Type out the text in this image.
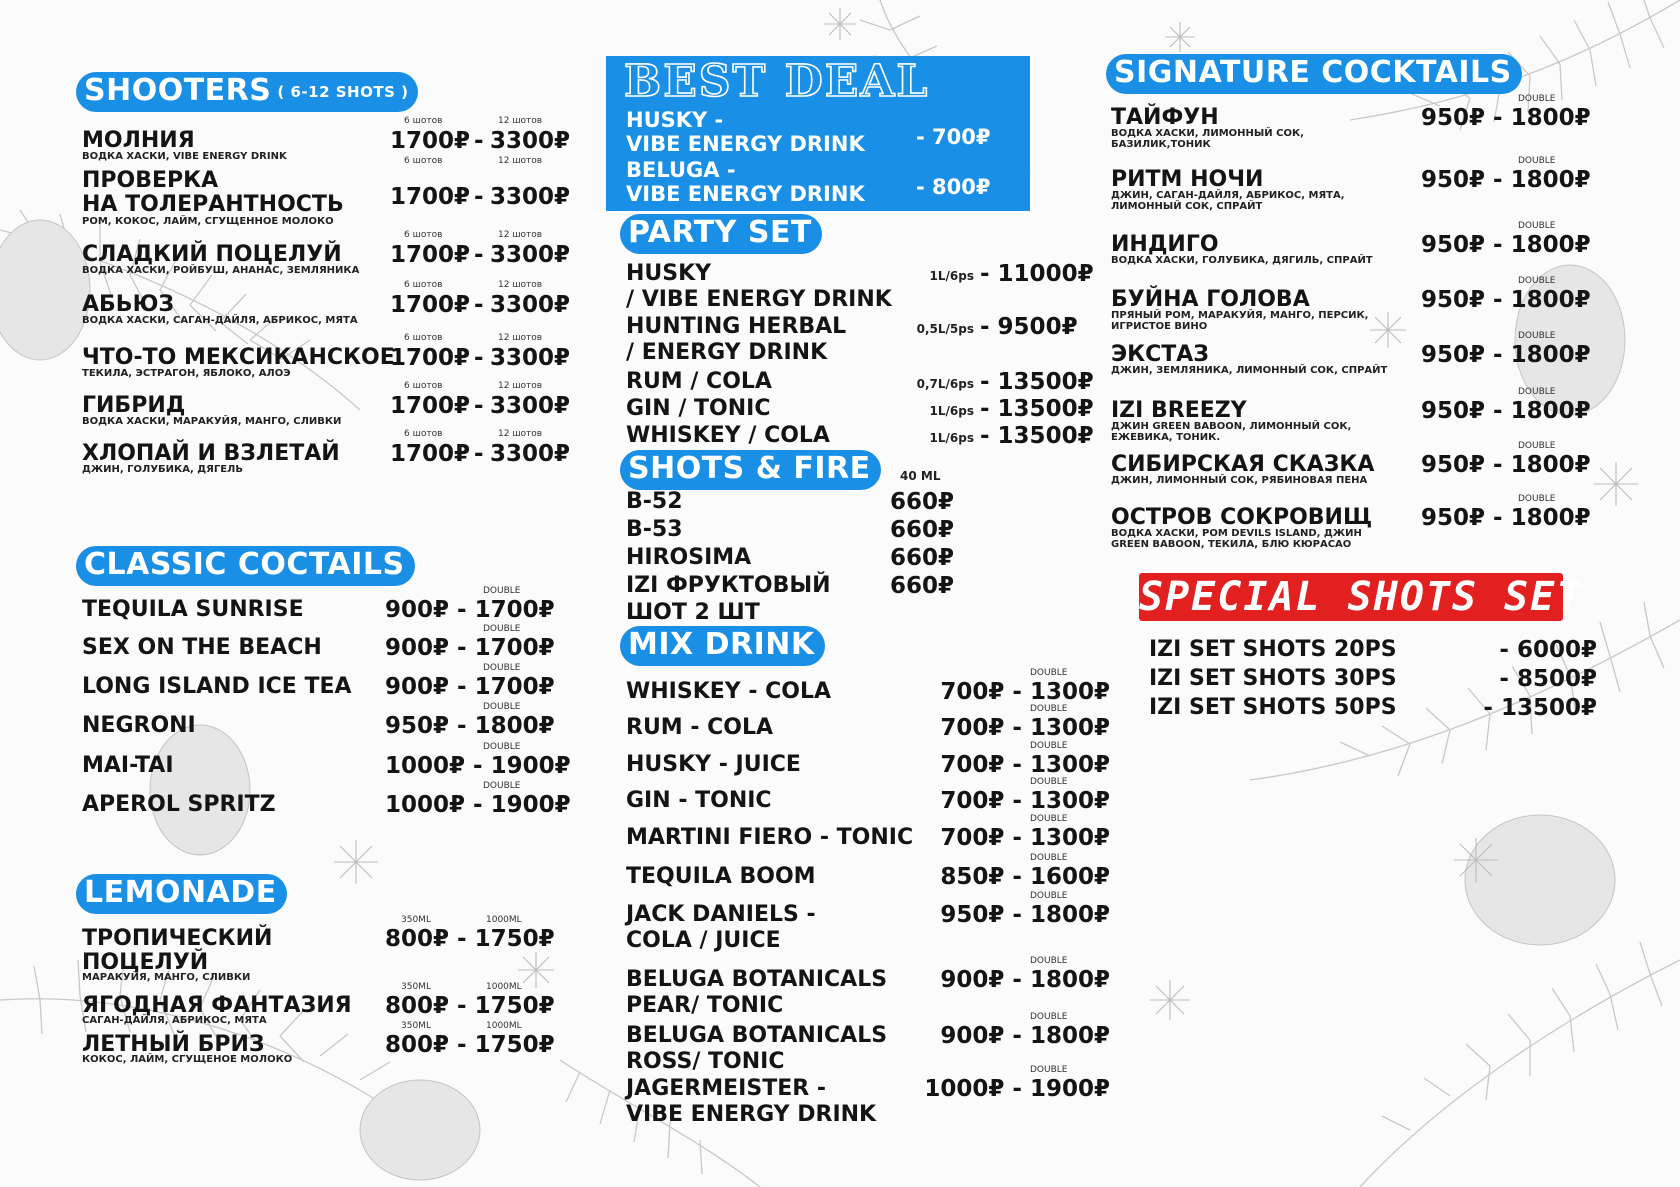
SHOOTERS ( 6-12 SHOTS )
CLASSIC COCTAILS
LEMONADE
BEST DEAL
HUSKY -
VIBE ENERGY DRINK - 700₽
BELUGA -
VIBE ENERGY DRINK - 800₽
PARTY SET
SHOTS & FIRE	40 ML
MIX DRINK
SIGNATURE COCKTAILS
SPECIAL SHOTS SET
6 шотов	12 шотов
МОЛНИЯ
ВОДКА ХАСКИ, VIBE ENERGY DRINK
1700₽ - 3300₽
6 шотов	12 шотов
ПРОВЕРКА
НА ТОЛЕРАНТНОСТЬ
РОМ, КОКОС, ЛАЙМ, СГУЩЕННОЕ МОЛОКО
1700₽ - 3300₽
6 шотов	12 шотов
СЛАДКИЙ ПОЦЕЛУЙ
ВОДКА ХАСКИ, РОЙБУШ, АНАНАС, ЗЕМЛЯНИКА
1700₽ - 3300₽
6 шотов	12 шотов
АБЬЮЗ
ВОДКА ХАСКИ, САГАН-ДАЙЛЯ, АБРИКОС, МЯТА
1700₽ - 3300₽
6 шотов	12 шотов
ЧТО-ТО МЕКСИКАНСКОЕ
ТЕКИЛА, ЭСТРАГОН, ЯБЛОКО, АЛОЭ
1700₽ - 3300₽
6 шотов	12 шотов
ГИБРИД
ВОДКА ХАСКИ, МАРАКУЙЯ, МАНГО, СЛИВКИ
1700₽ - 3300₽
6 шотов	12 шотов
ХЛОПАЙ И ВЗЛЕТАЙ
ДЖИН, ГОЛУБИКА, ДЯГЕЛЬ
1700₽ - 3300₽
DOUBLE
TEQUILA SUNRISE	900₽ - 1700₽
DOUBLE
SEX ON THE BEACH	900₽ - 1700₽
DOUBLE
LONG ISLAND ICE TEA 900₽ - 1700₽
DOUBLE
NEGRONI	950₽ - 1800₽
DOUBLE
MAI-TAI	1000₽ - 1900₽
DOUBLE
APEROL SPRITZ	1000₽ - 1900₽
350ML	1000ML
ТРОПИЧЕСКИЙ
ПОЦЕЛУЙ
МАРАКУЙЯ, МАНГО, СЛИВКИ
800₽ - 1750₽
350ML	1000ML
ЯГОДНАЯ ФАНТАЗИЯ
САГАН-ДАЙЛЯ, АБРИКОС, МЯТА
800₽ - 1750₽
350ML	1000ML
ЛЕТНЫЙ БРИЗ
КОКОС, ЛАЙМ, СГУЩЕНОЕ МОЛОКО
800₽ - 1750₽
HUSKY
/ VIBE ENERGY DRINK
1L/6ps - 11000₽
HUNTING HERBAL
/ ENERGY DRINK
0,5L/5ps - 9500₽
RUM / COLA	0,7L/6ps - 13500₽
GIN / TONIC	1L/6ps - 13500₽
WHISKEY / COLA	1L/6ps - 13500₽
B-52	660₽
B-53	660₽
HIROSIMA	660₽
IZI ФРУКТОВЫЙ
ШОТ 2 ШТ
660₽
DOUBLE
WHISKEY - COLA	700₽ - 1300₽
DOUBLE
RUM - COLA	700₽ - 1300₽
DOUBLE
HUSKY - JUICE	700₽ - 1300₽
DOUBLE
GIN - TONIC	700₽ - 1300₽
DOUBLE
MARTINI FIERO - TONIC 700₽ - 1300₽
DOUBLE
TEQUILA BOOM	850₽ - 1600₽
DOUBLE
JACK DANIELS -
COLA / JUICE
950₽ - 1800₽
DOUBLE
BELUGA BOTANICALS
PEAR/ TONIC
900₽ - 1800₽
DOUBLE
BELUGA BOTANICALS
ROSS/ TONIC
900₽ - 1800₽
DOUBLE
JAGERMEISTER -
VIBE ENERGY DRINK
1000₽ - 1900₽
DOUBLE
ТАЙФУН
ВОДКА ХАСКИ, ЛИМОННЫЙ СОК, БАЗИЛИК,ТОНИК
950₽ - 1800₽
DOUBLE
РИТМ НОЧИ
ДЖИН, САГАН-ДАЙЛЯ, АБРИКОС, МЯТА, ЛИМОННЫЙ СОК, СПРАЙТ
950₽ - 1800₽
DOUBLE
ИНДИГО
ВОДКА ХАСКИ, ГОЛУБИКА, ДЯГИЛЬ, СПРАЙТ
950₽ - 1800₽
DOUBLE
БУЙНА ГОЛОВА
ПРЯНЫЙ РОМ, МАРАКУЙЯ, МАНГО, ПЕРСИК, ИГРИСТОЕ ВИНО
950₽ - 1800₽
DOUBLE
ЭКСТАЗ
ДЖИН, ЗЕМЛЯНИКА, ЛИМОННЫЙ СОК, СПРАЙТ
950₽ - 1800₽
DOUBLE
IZI BREEZY
ДЖИН GREEN BABOON, ЛИМОННЫЙ СОК, ЕЖЕВИКА, ТОНИК.
950₽ - 1800₽
DOUBLE
СИБИРСКАЯ СКАЗКА
ДЖИН, ЛИМОННЫЙ СОК, РЯБИНОВАЯ ПЕНА
950₽ - 1800₽
DOUBLE
ОСТРОВ СОКРОВИЩ
ВОДКА ХАСКИ, РОМ DEVILS ISLAND, ДЖИН GREEN BABOON, ТЕКИЛА, БЛЮ КЮРАСАО
950₽ - 1800₽
IZI SET SHOTS 20PS	- 6000₽
IZI SET SHOTS 30PS	- 8500₽
IZI SET SHOTS 50PS	- 13500₽
